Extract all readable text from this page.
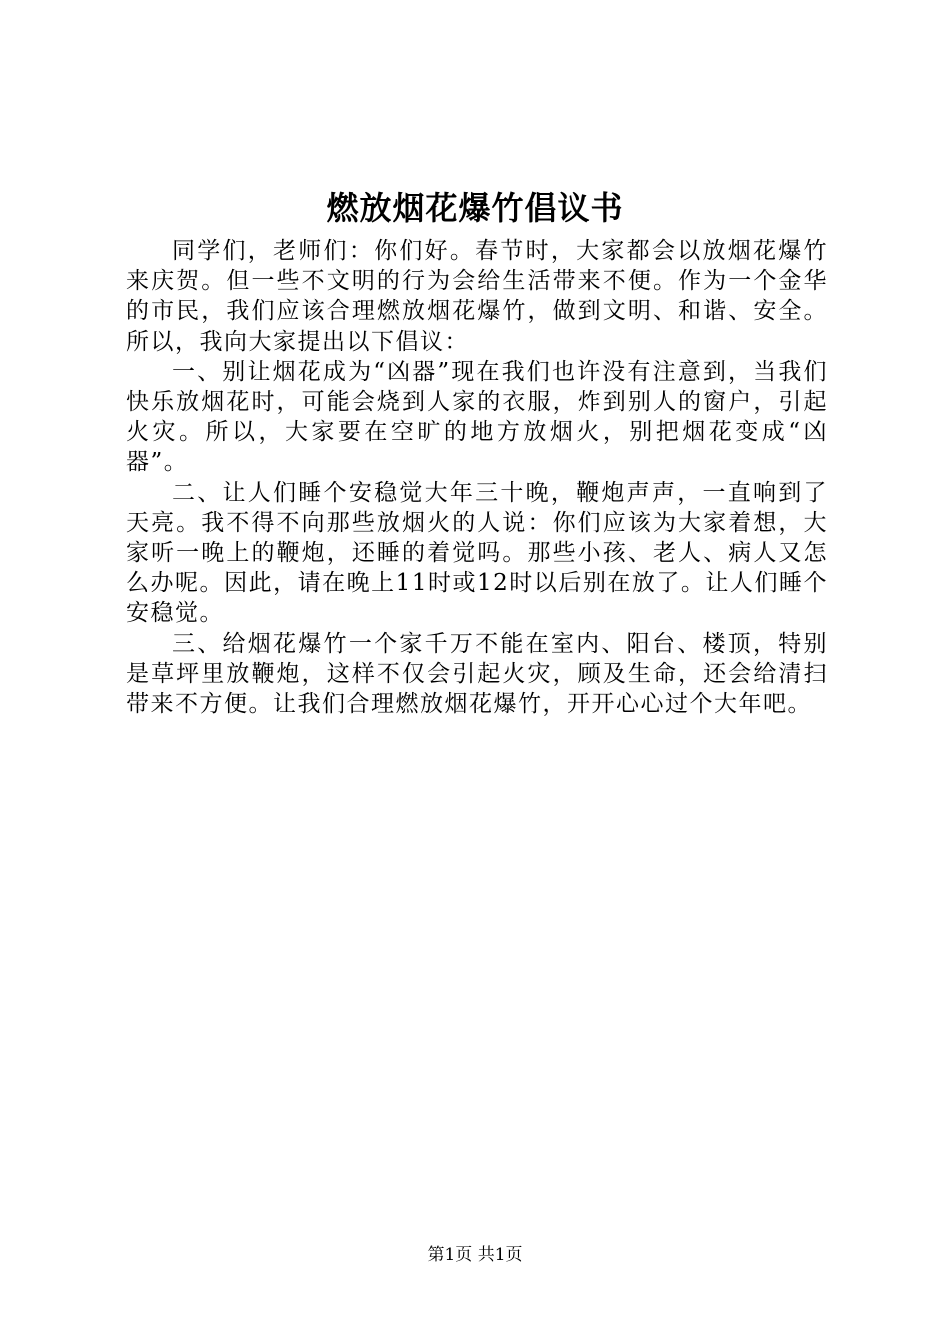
燃放烟花爆竹倡议书

同学们，老师们：你们好。春节时，大家都会以放烟花爆竹来庆贺。但一些不文明的行为会给生活带来不便。作为一个金华的市民，我们应该合理燃放烟花爆竹，做到文明、和谐、安全。所以，我向大家提出以下倡议：

一、别让烟花成为“凶器”现在我们也许没有注意到，当我们快乐放烟花时，可能会烧到人家的衣服，炸到别人的窗户，引起火灾。所以，大家要在空旷的地方放烟火，别把烟花变成“凶器”。

二、让人们睡个安稳觉大年三十晚，鞭炮声声，一直响到了天亮。我不得不向那些放烟火的人说：你们应该为大家着想，大家听一晚上的鞭炮，还睡的着觉吗。那些小孩、老人、病人又怎么办呢。因此，请在晚上11时或12时以后别在放了。让人们睡个安稳觉。

三、给烟花爆竹一个家千万不能在室内、阳台、楼顶，特别是草坪里放鞭炮，这样不仅会引起火灾，顾及生命，还会给清扫带来不方便。让我们合理燃放烟花爆竹，开开心心过个大年吧。

第1页 共1页
